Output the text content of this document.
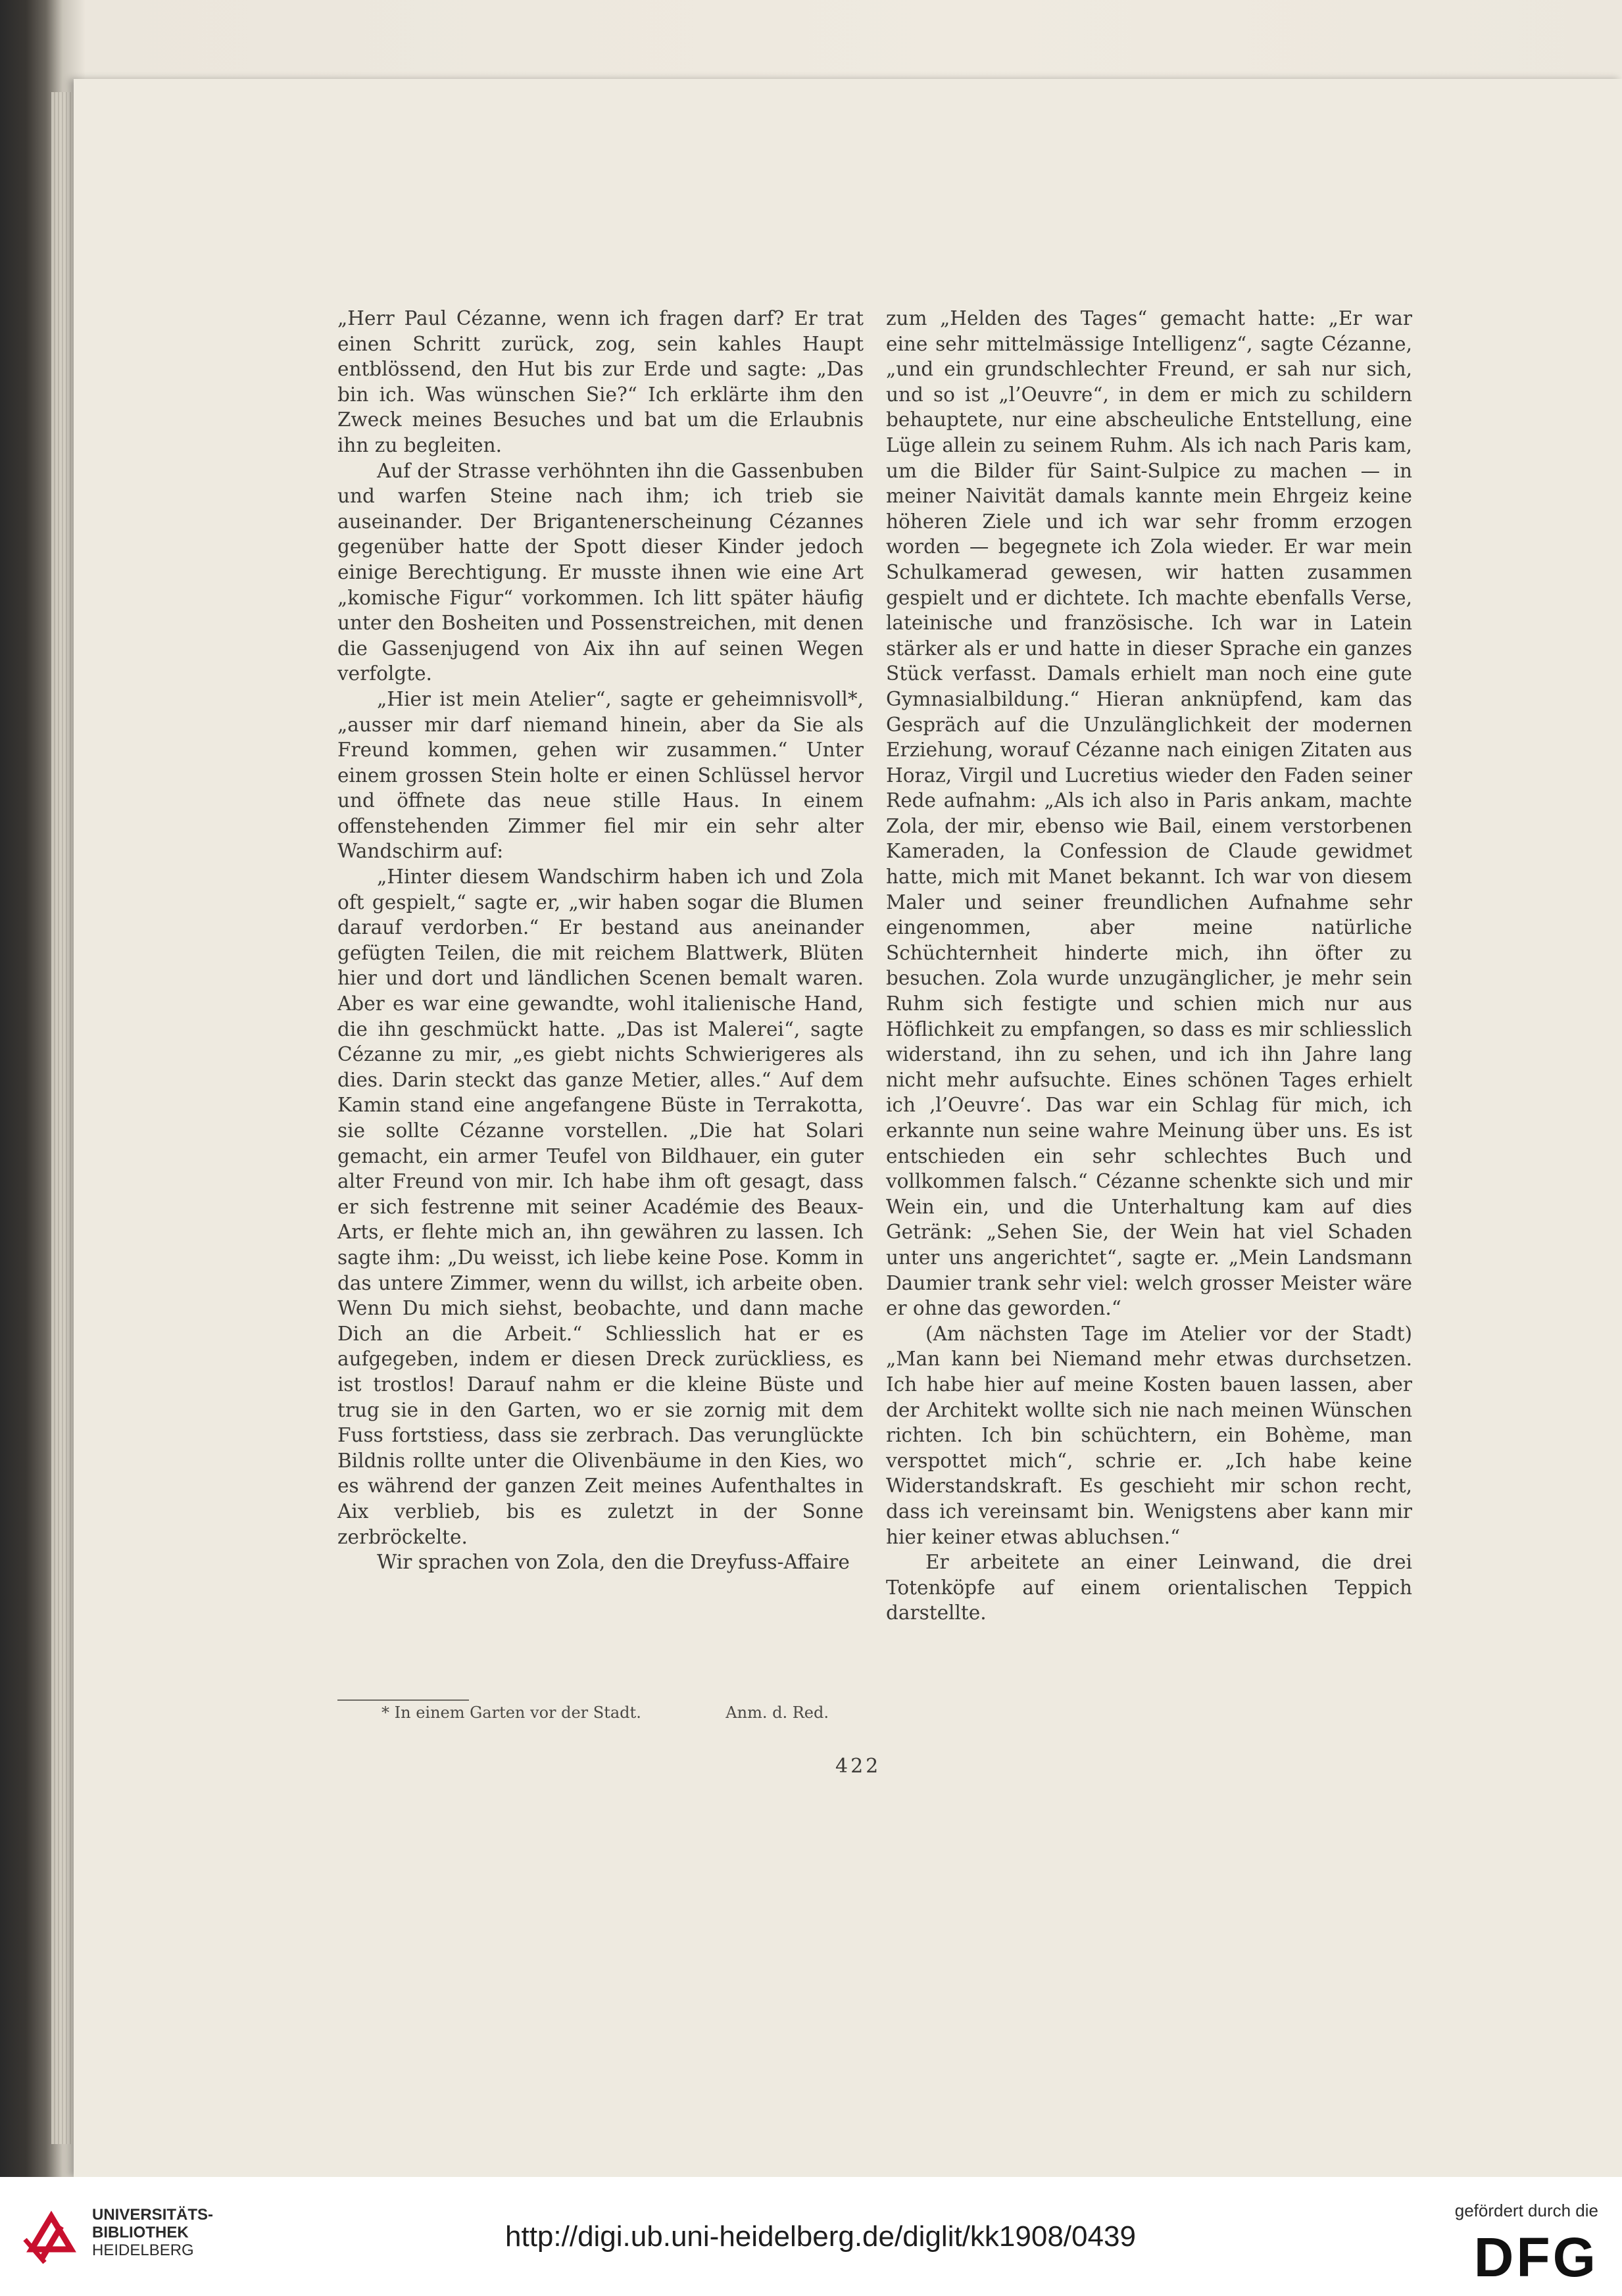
„Herr Paul Cézanne, wenn ich fragen darf? Er trat einen Schritt zurück, zog, sein kahles Haupt entblössend, den Hut bis zur Erde und sagte: „Das bin ich. Was wünschen Sie?“ Ich erklärte ihm den Zweck meines Besuches und bat um die Erlaubnis ihn zu begleiten.

Auf der Strasse verhöhnten ihn die Gassenbuben und warfen Steine nach ihm; ich trieb sie auseinander. Der Brigantenerscheinung Cézannes gegenüber hatte der Spott dieser Kinder jedoch einige Berechtigung. Er musste ihnen wie eine Art „komische Figur“ vorkommen. Ich litt später häufig unter den Bosheiten und Possenstreichen, mit denen die Gassenjugend von Aix ihn auf seinen Wegen verfolgte.

„Hier ist mein Atelier“, sagte er geheimnisvoll*, „ausser mir darf niemand hinein, aber da Sie als Freund kommen, gehen wir zusammen.“ Unter einem grossen Stein holte er einen Schlüssel hervor und öffnete das neue stille Haus. In einem offenstehenden Zimmer fiel mir ein sehr alter Wandschirm auf:

„Hinter diesem Wandschirm haben ich und Zola oft gespielt,“ sagte er, „wir haben sogar die Blumen darauf verdorben.“ Er bestand aus aneinander gefügten Teilen, die mit reichem Blattwerk, Blüten hier und dort und ländlichen Scenen bemalt waren. Aber es war eine gewandte, wohl italienische Hand, die ihn geschmückt hatte. „Das ist Malerei“, sagte Cézanne zu mir, „es giebt nichts Schwierigeres als dies. Darin steckt das ganze Metier, alles.“ Auf dem Kamin stand eine angefangene Büste in Terrakotta, sie sollte Cézanne vorstellen. „Die hat Solari gemacht, ein armer Teufel von Bildhauer, ein guter alter Freund von mir. Ich habe ihm oft gesagt, dass er sich festrenne mit seiner Académie des Beaux-Arts, er flehte mich an, ihn gewähren zu lassen. Ich sagte ihm: „Du weisst, ich liebe keine Pose. Komm in das untere Zimmer, wenn du willst, ich arbeite oben. Wenn Du mich siehst, beobachte, und dann mache Dich an die Arbeit.“ Schliesslich hat er es aufgegeben, indem er diesen Dreck zurückliess, es ist trostlos! Darauf nahm er die kleine Büste und trug sie in den Garten, wo er sie zornig mit dem Fuss fortstiess, dass sie zerbrach. Das verunglückte Bildnis rollte unter die Olivenbäume in den Kies, wo es während der ganzen Zeit meines Aufenthaltes in Aix verblieb, bis es zuletzt in der Sonne zerbröckelte.

Wir sprachen von Zola, den die Dreyfuss-Affaire

zum „Helden des Tages“ gemacht hatte: „Er war eine sehr mittelmässige Intelligenz“, sagte Cézanne, „und ein grundschlechter Freund, er sah nur sich, und so ist „l’Oeuvre“, in dem er mich zu schildern behauptete, nur eine abscheuliche Entstellung, eine Lüge allein zu seinem Ruhm. Als ich nach Paris kam, um die Bilder für Saint-Sulpice zu machen — in meiner Naivität damals kannte mein Ehrgeiz keine höheren Ziele und ich war sehr fromm erzogen worden — begegnete ich Zola wieder. Er war mein Schulkamerad gewesen, wir hatten zusammen gespielt und er dichtete. Ich machte ebenfalls Verse, lateinische und französische. Ich war in Latein stärker als er und hatte in dieser Sprache ein ganzes Stück verfasst. Damals erhielt man noch eine gute Gymnasialbildung.“ Hieran anknüpfend, kam das Gespräch auf die Unzulänglichkeit der modernen Erziehung, worauf Cézanne nach einigen Zitaten aus Horaz, Virgil und Lucretius wieder den Faden seiner Rede aufnahm: „Als ich also in Paris ankam, machte Zola, der mir, ebenso wie Bail, einem verstorbenen Kameraden, la Confession de Claude gewidmet hatte, mich mit Manet bekannt. Ich war von diesem Maler und seiner freundlichen Aufnahme sehr eingenommen, aber meine natürliche Schüchternheit hinderte mich, ihn öfter zu besuchen. Zola wurde unzugänglicher, je mehr sein Ruhm sich festigte und schien mich nur aus Höflichkeit zu empfangen, so dass es mir schliesslich widerstand, ihn zu sehen, und ich ihn Jahre lang nicht mehr aufsuchte. Eines schönen Tages erhielt ich ‚l’Oeuvre‘. Das war ein Schlag für mich, ich erkannte nun seine wahre Meinung über uns. Es ist entschieden ein sehr schlechtes Buch und vollkommen falsch.“ Cézanne schenkte sich und mir Wein ein, und die Unterhaltung kam auf dies Getränk: „Sehen Sie, der Wein hat viel Schaden unter uns angerichtet“, sagte er. „Mein Landsmann Daumier trank sehr viel: welch grosser Meister wäre er ohne das geworden.“

(Am nächsten Tage im Atelier vor der Stadt) „Man kann bei Niemand mehr etwas durchsetzen. Ich habe hier auf meine Kosten bauen lassen, aber der Architekt wollte sich nie nach meinen Wünschen richten. Ich bin schüchtern, ein Bohème, man verspottet mich“, schrie er. „Ich habe keine Widerstandskraft. Es geschieht mir schon recht, dass ich vereinsamt bin. Wenigstens aber kann mir hier keiner etwas abluchsen.“

Er arbeitete an einer Leinwand, die drei Totenköpfe auf einem orientalischen Teppich darstellte.

* In einem Garten vor der Stadt.	Anm. d. Red.
422
UNIVERSITÄTS-
BIBLIOTHEK
HEIDELBERG	http://digi.ub.uni-heidelberg.de/diglit/kk1908/0439
gefördert durch die
DFG
